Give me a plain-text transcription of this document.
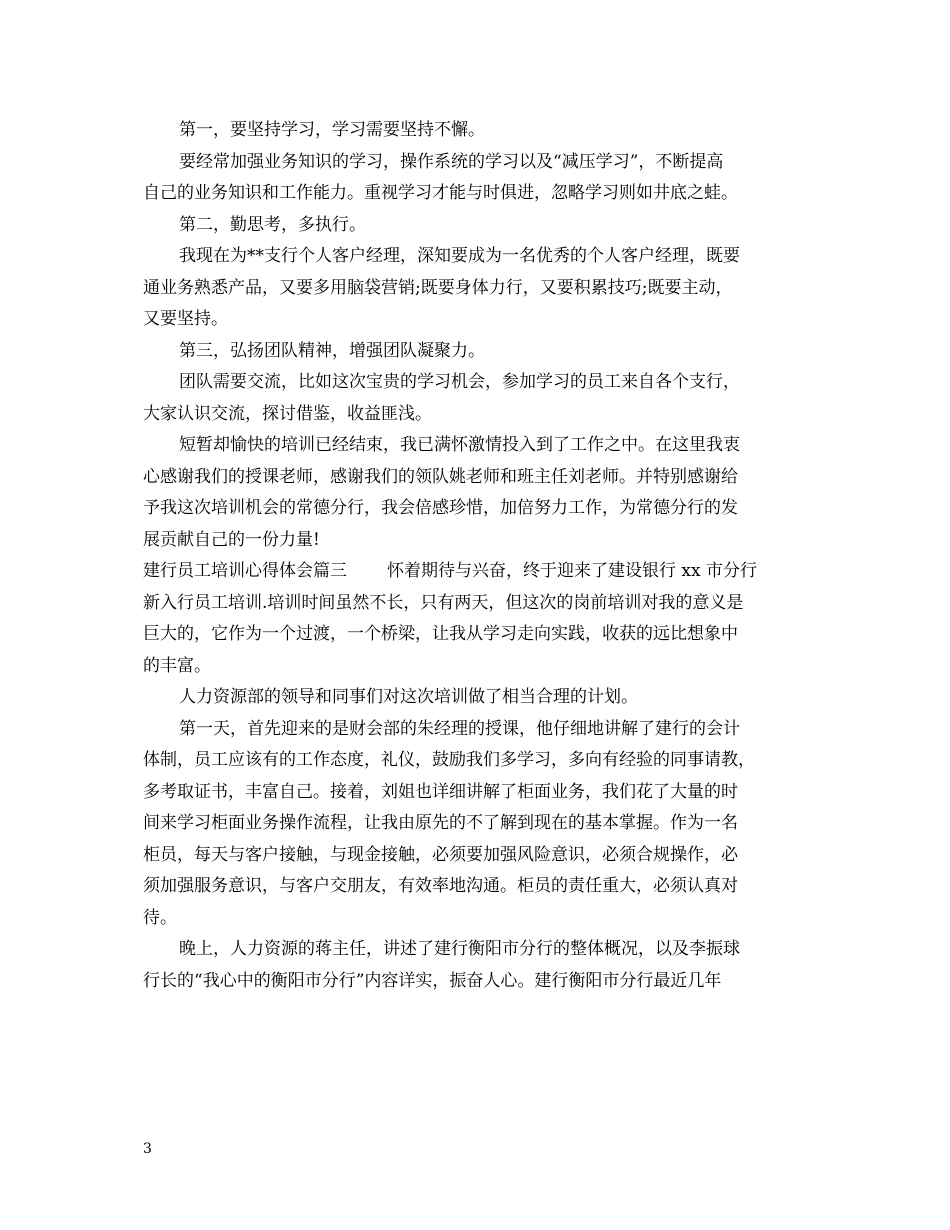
第一，要坚持学习，学习需要坚持不懈。
要经常加强业务知识的学习，操作系统的学习以及“减压学习”，不断提高
自己的业务知识和工作能力。重视学习才能与时俱进，忽略学习则如井底之蛙。
第二，勤思考，多执行。
我现在为**支行个人客户经理，深知要成为一名优秀的个人客户经理，既要
通业务熟悉产品，又要多用脑袋营销;既要身体力行，又要积累技巧;既要主动，
又要坚持。
第三，弘扬团队精神，增强团队凝聚力。
团队需要交流，比如这次宝贵的学习机会，参加学习的员工来自各个支行，
大家认识交流，探讨借鉴，收益匪浅。
短暂却愉快的培训已经结束，我已满怀激情投入到了工作之中。在这里我衷
心感谢我们的授课老师，感谢我们的领队姚老师和班主任刘老师。并特别感谢给
予我这次培训机会的常德分行，我会倍感珍惜，加倍努力工作，为常德分行的发
展贡献自己的一份力量!
建行员工培训心得体会篇三 怀着期待与兴奋，终于迎来了建设银行 xx 市分行
新入行员工培训.培训时间虽然不长，只有两天，但这次的岗前培训对我的意义是
巨大的，它作为一个过渡，一个桥梁，让我从学习走向实践，收获的远比想象中
的丰富。
人力资源部的领导和同事们对这次培训做了相当合理的计划。
第一天，首先迎来的是财会部的朱经理的授课，他仔细地讲解了建行的会计
体制，员工应该有的工作态度，礼仪，鼓励我们多学习，多向有经验的同事请教，
多考取证书，丰富自己。接着，刘姐也详细讲解了柜面业务，我们花了大量的时
间来学习柜面业务操作流程，让我由原先的不了解到现在的基本掌握。作为一名
柜员，每天与客户接触，与现金接触，必须要加强风险意识，必须合规操作，必
须加强服务意识，与客户交朋友，有效率地沟通。柜员的责任重大，必须认真对
待。
晚上，人力资源的蒋主任，讲述了建行衡阳市分行的整体概况，以及李振球
行长的“我心中的衡阳市分行”内容详实，振奋人心。建行衡阳市分行最近几年
3
